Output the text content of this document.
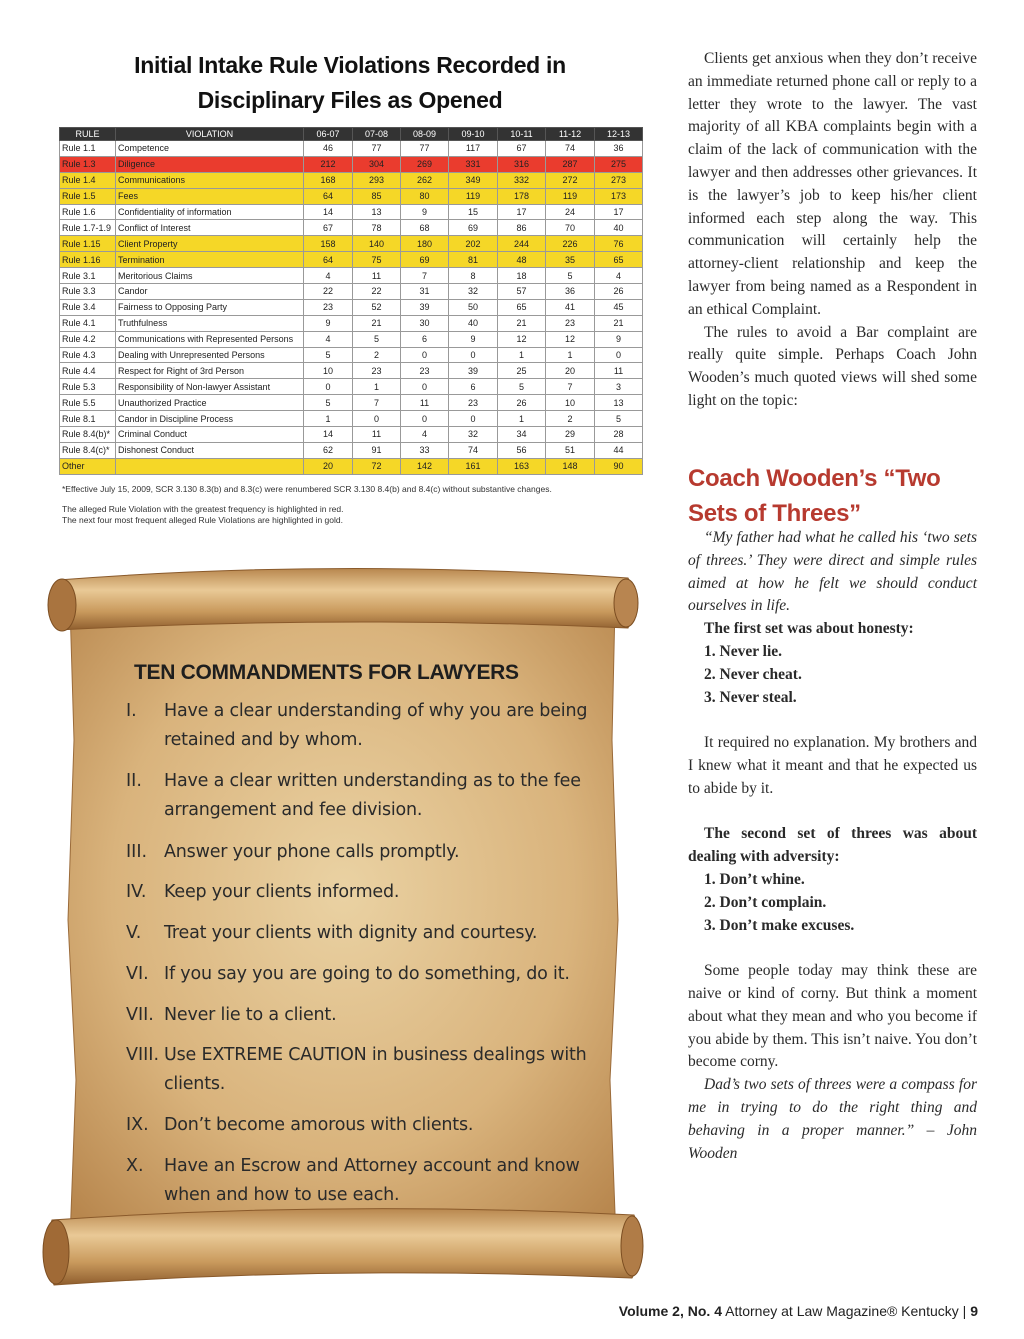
Initial Intake Rule Violations Recorded in
Disciplinary Files as Opened
RULE	VIOLATION	06-07	07-08	08-09	09-10	10-11	11-12	12-13
Rule 1.1	Competence	46	77	77	117	67	74	36
Rule 1.3	Diligence	212	304	269	331	316	287	275
Rule 1.4	Communications	168	293	262	349	332	272	273
Rule 1.5	Fees	64	85	80	119	178	119	173
Rule 1.6	Confidentiality of information	14	13	9	15	17	24	17
Rule 1.7-1.9	Conflict of Interest	67	78	68	69	86	70	40
Rule 1.15	Client Property	158	140	180	202	244	226	76
Rule 1.16	Termination	64	75	69	81	48	35	65
Rule 3.1	Meritorious Claims	4	11	7	8	18	5	4
Rule 3.3	Candor	22	22	31	32	57	36	26
Rule 3.4	Fairness to Opposing Party	23	52	39	50	65	41	45
Rule 4.1	Truthfulness	9	21	30	40	21	23	21
Rule 4.2	Communications with Represented Persons	4	5	6	9	12	12	9
Rule 4.3	Dealing with Unrepresented Persons	5	2	0	0	1	1	0
Rule 4.4	Respect for Right of 3rd Person	10	23	23	39	25	20	11
Rule 5.3	Responsibility of Non-lawyer Assistant	0	1	0	6	5	7	3
Rule 5.5	Unauthorized Practice	5	7	11	23	26	10	13
Rule 8.1	Candor in Discipline Process	1	0	0	0	1	2	5
Rule 8.4(b)*	Criminal Conduct	14	11	4	32	34	29	28
Rule 8.4(c)*	Dishonest Conduct	62	91	33	74	56	51	44
Other		20	72	142	161	163	148	90

*Effective July 15, 2009, SCR 3.130 8.3(b) and 8.3(c) were renumbered SCR 3.130 8.4(b) and 8.4(c) without substantive changes.

The alleged Rule Violation with the greatest frequency is highlighted in red.

The next four most frequent alleged Rule Violations are highlighted in gold.

TEN COMMANDMENTS FOR LAWYERS
I. Have a clear understanding of why you are being retained and by whom.
II. Have a clear written understanding as to the fee arrangement and fee division.
III. Answer your phone calls promptly.
IV. Keep your clients informed.
V. Treat your clients with dignity and courtesy.
VI. If you say you are going to do something, do it.
VII. Never lie to a client.
VIII. Use EXTREME CAUTION in business dealings with clients.
IX. Don’t become amorous with clients.
X. Have an Escrow and Attorney account and know when and how to use each.

Clients get anxious when they don’t receive an immediate returned phone call or reply to a letter they wrote to the lawyer. The vast majority of all KBA complaints begin with a claim of the lack of communication with the lawyer and then addresses other grievances. It is the lawyer’s job to keep his/her client informed each step along the way. This communication will certainly help the attorney-client relationship and keep the lawyer from being named as a Respondent in an ethical Complaint.

The rules to avoid a Bar complaint are really quite simple. Perhaps Coach John Wooden’s much quoted views will shed some light on the topic:

Coach Wooden’s “Two Sets of Threes”

“My father had what he called his ‘two sets of threes.’ They were direct and simple rules aimed at how he felt we should conduct ourselves in life.

The first set was about honesty:
1. Never lie.
2. Never cheat.
3. Never steal.

It required no explanation. My brothers and I knew what it meant and that he expected us to abide by it.

The second set of threes was about dealing with adversity:

1. Don’t whine.
2. Don’t complain.
3. Don’t make excuses.

Some people today may think these are naive or kind of corny. But think a moment about what they mean and who you become if you abide by them. This isn’t naive. You don’t become corny.

Dad’s two sets of threes were a compass for me in trying to do the right thing and behaving in a proper manner.” – John Wooden

Volume 2, No. 4 Attorney at Law Magazine® Kentucky | 9
